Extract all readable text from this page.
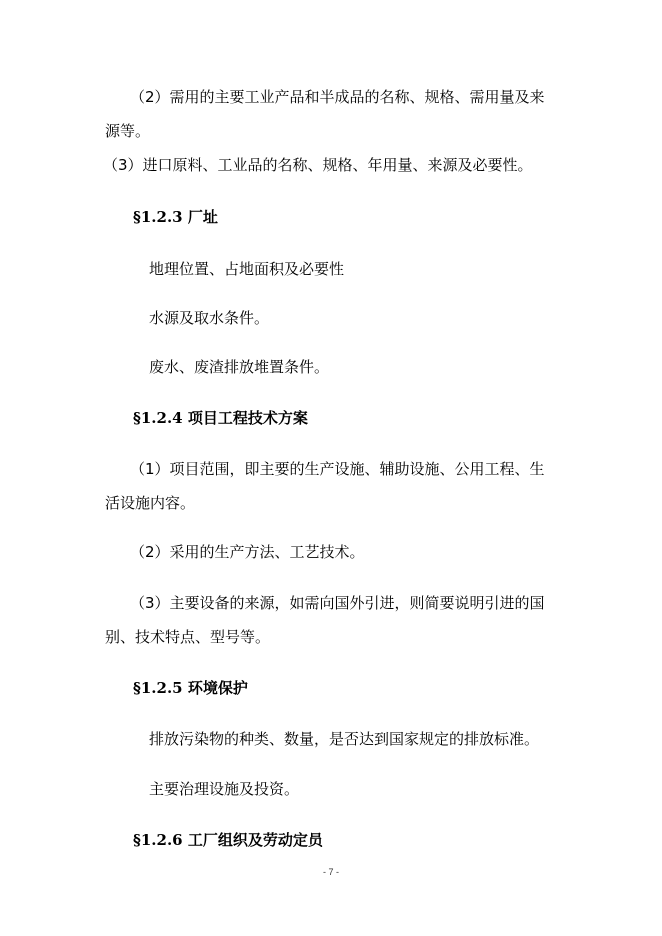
（2）需用的主要工业产品和半成品的名称、规格、需用量及来
源等。
（3）进口原料、工业品的名称、规格、年用量、来源及必要性。
§1.2.3 厂址
地理位置、占地面积及必要性
水源及取水条件。
废水、废渣排放堆置条件。
§1.2.4 项目工程技术方案
（1）项目范围，即主要的生产设施、辅助设施、公用工程、生
活设施内容。
（2）采用的生产方法、工艺技术。
（3）主要设备的来源，如需向国外引进，则简要说明引进的国
别、技术特点、型号等。
§1.2.5 环境保护
排放污染物的种类、数量，是否达到国家规定的排放标准。
主要治理设施及投资。
§1.2.6 工厂组织及劳动定员
- 7 -
